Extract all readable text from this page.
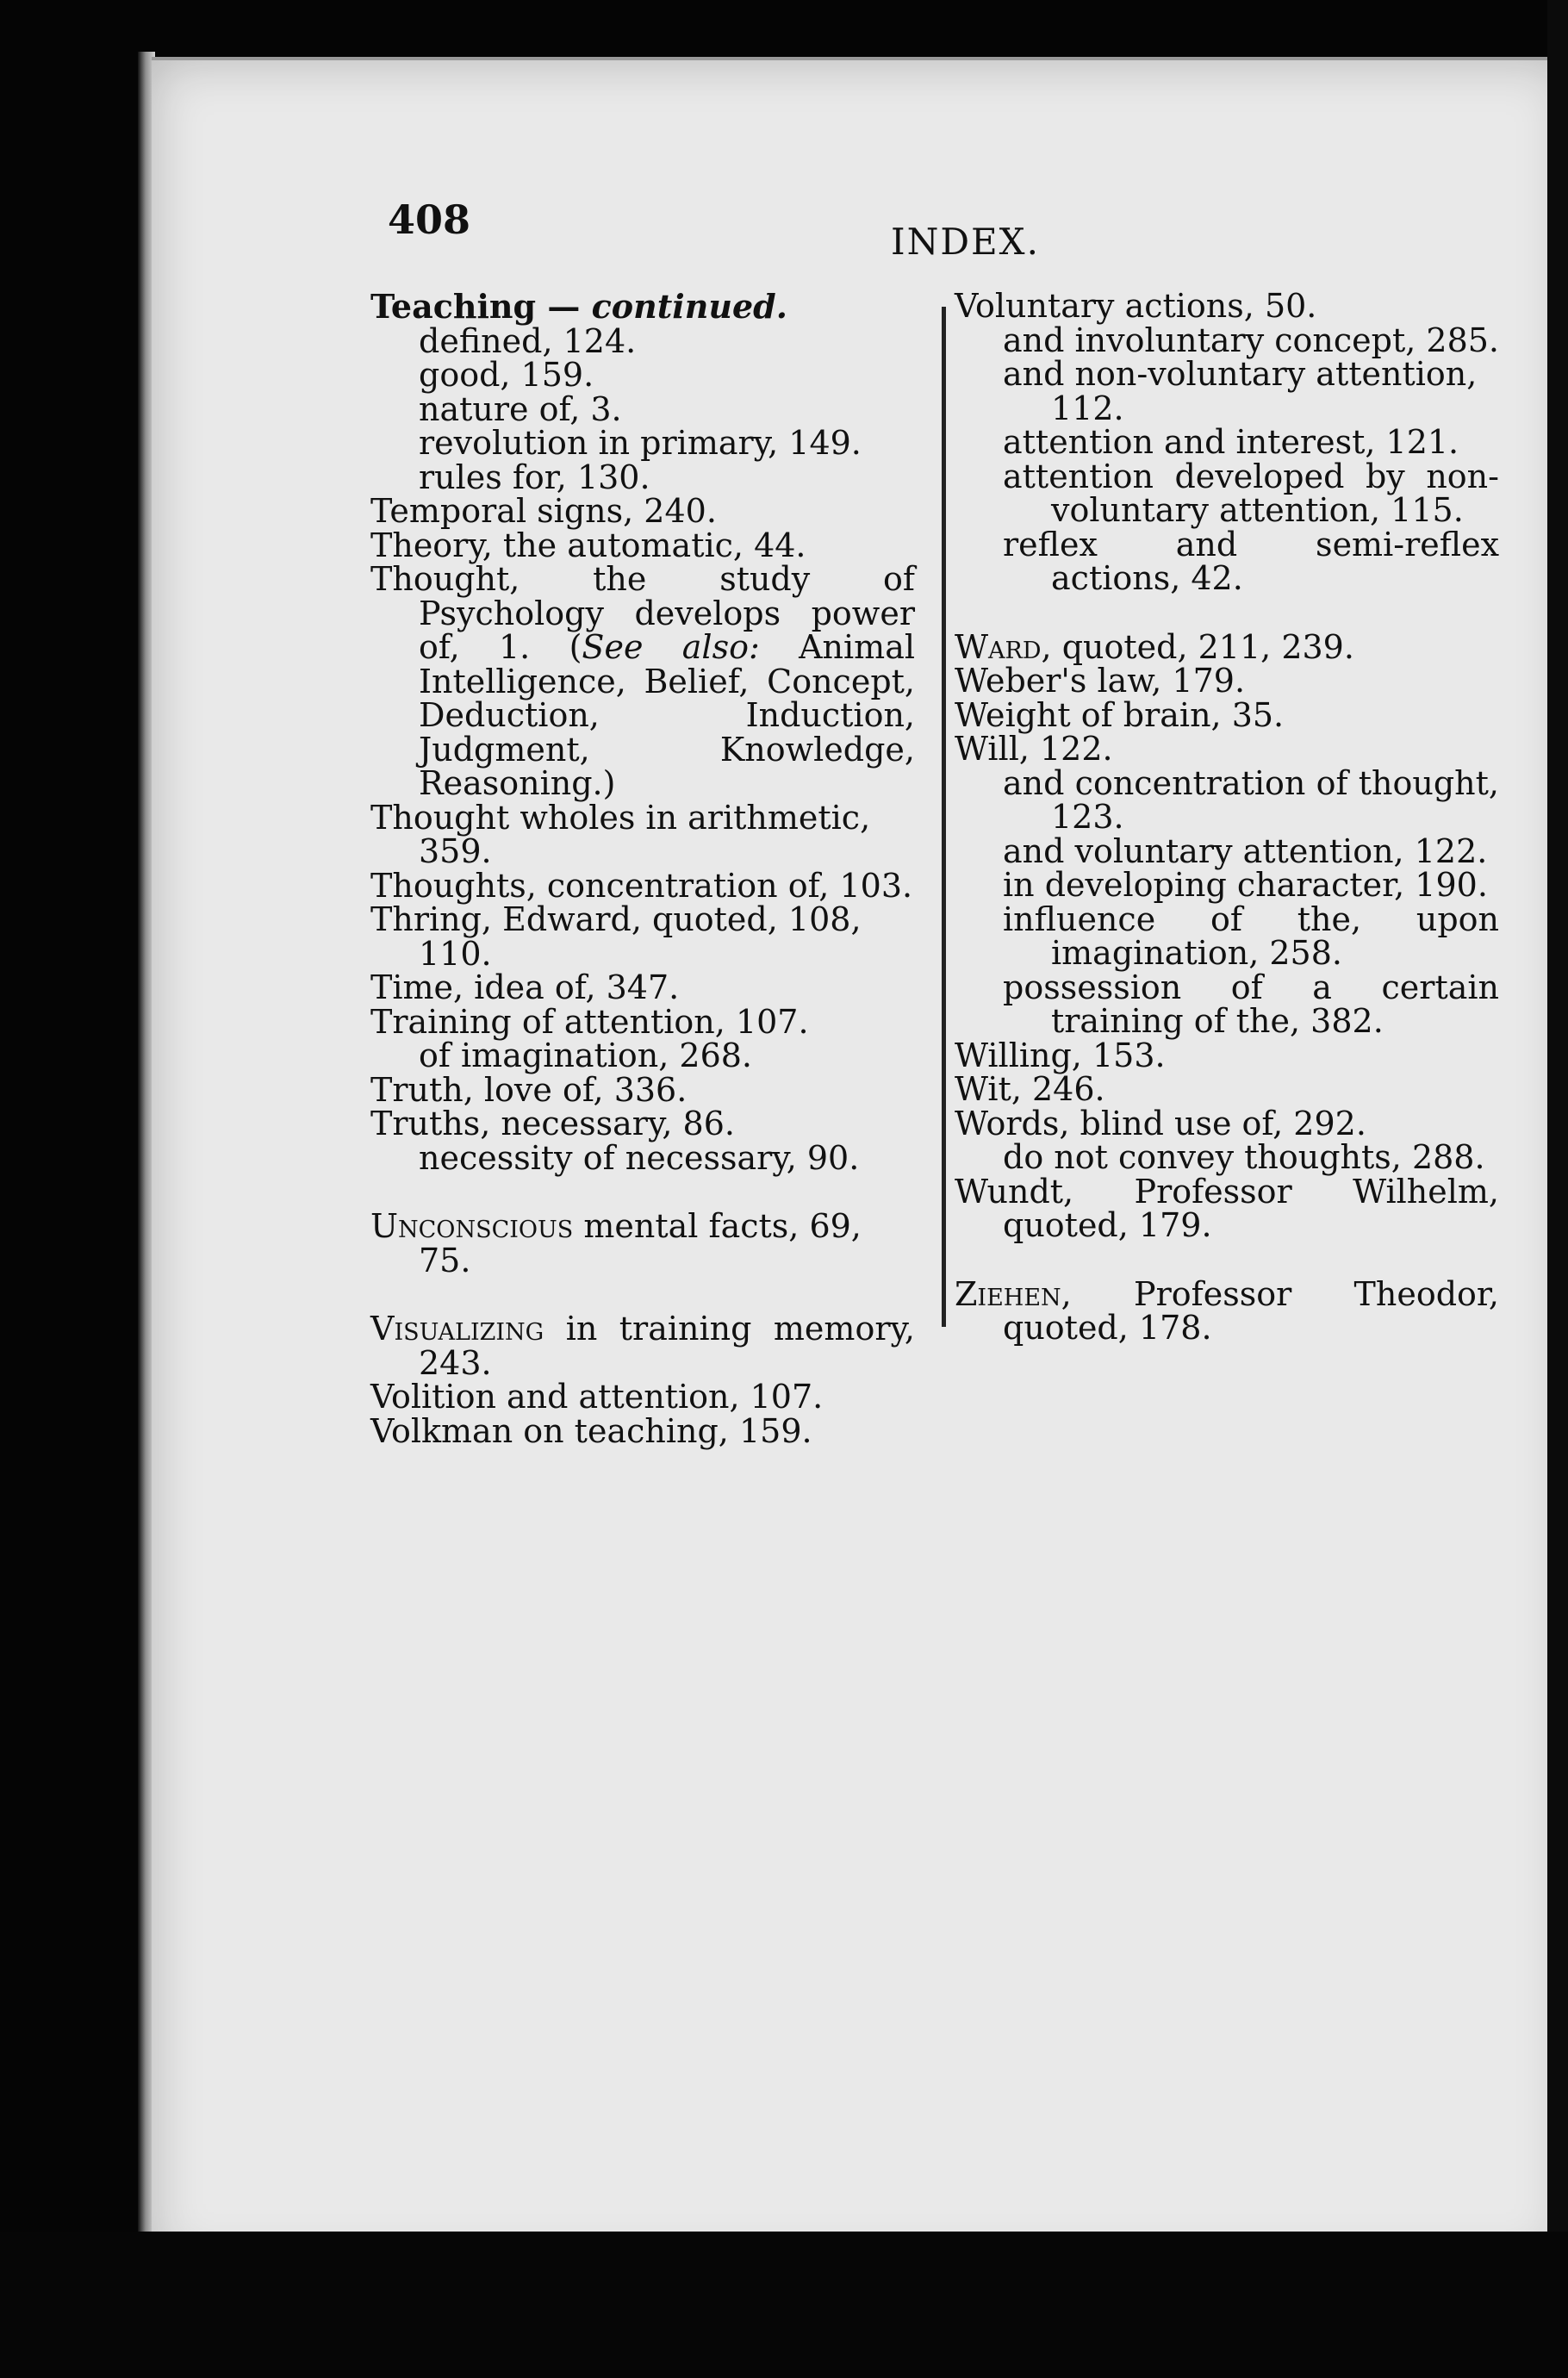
408	INDEX.
Teaching — continued.
defined, 124.
good, 159.
nature of, 3.
revolution in primary, 149.
rules for, 130.
Temporal signs, 240.
Theory, the automatic, 44.
Thought, the study of Psychology develops power of, 1. (See also: Animal Intelligence, Belief, Concept, Deduction, Induction, Judgment, Knowledge, Reasoning.)
Thought wholes in arithmetic, 359.
Thoughts, concentration of, 103.
Thring, Edward, quoted, 108, 110.
Time, idea of, 347.
Training of attention, 107.
of imagination, 268.
Truth, love of, 336.
Truths, necessary, 86.
necessity of necessary, 90.
Unconscious mental facts, 69, 75.
Visualizing in training memory, 243.
Volition and attention, 107.
Volkman on teaching, 159.
Voluntary actions, 50.
and involuntary concept, 285.
and non-voluntary attention, 112.
attention and interest, 121.
attention developed by non-voluntary attention, 115.
reflex and semi-reflex actions, 42.
Ward, quoted, 211, 239.
Weber's law, 179.
Weight of brain, 35.
Will, 122.
and concentration of thought, 123.
and voluntary attention, 122.
in developing character, 190.
influence of the, upon imagination, 258.
possession of a certain training of the, 382.
Willing, 153.
Wit, 246.
Words, blind use of, 292.
do not convey thoughts, 288.
Wundt, Professor Wilhelm, quoted, 179.
Ziehen, Professor Theodor, quoted, 178.
